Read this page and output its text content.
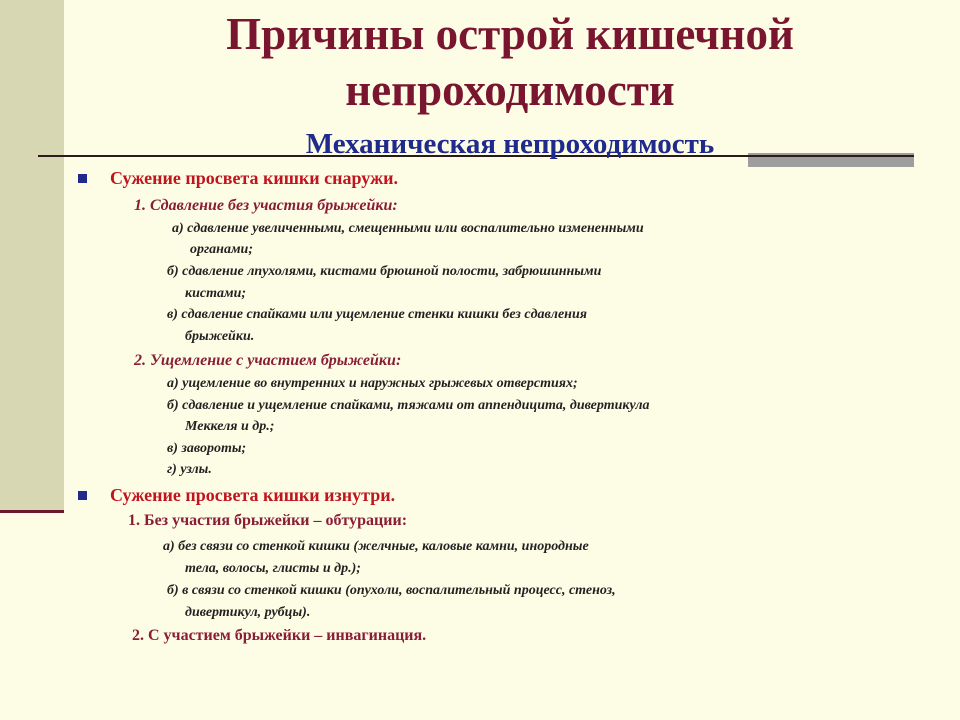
Причины острой кишечной
непроходимости
Механическая непроходимость
Сужение просвета кишки снаружи.
1. Сдавление без участия брыжейки:
а) сдавление увеличенными, смещенными или воспалительно измененными
органами;
б) сдавление лпухолями, кистами брюшной полости, забрюшинными
кистами;
в) сдавление спайками или ущемление стенки кишки без сдавления
брыжейки.
2. Ущемление с участием брыжейки:
а) ущемление во внутренних и наружных грыжевых отверстиях;
б) сдавление и ущемление спайками, тяжами от аппендицита, дивертикула
Меккеля и др.;
в) завороты;
г) узлы.
Сужение просвета кишки изнутри.
1. Без участия брыжейки – обтурации:
а) без связи со стенкой кишки (желчные, каловые камни, инородные
тела, волосы, глисты и др.);
б) в связи со стенкой кишки (опухоли, воспалительный процесс, стеноз,
дивертикул, рубцы).
2. С участием брыжейки – инвагинация.
